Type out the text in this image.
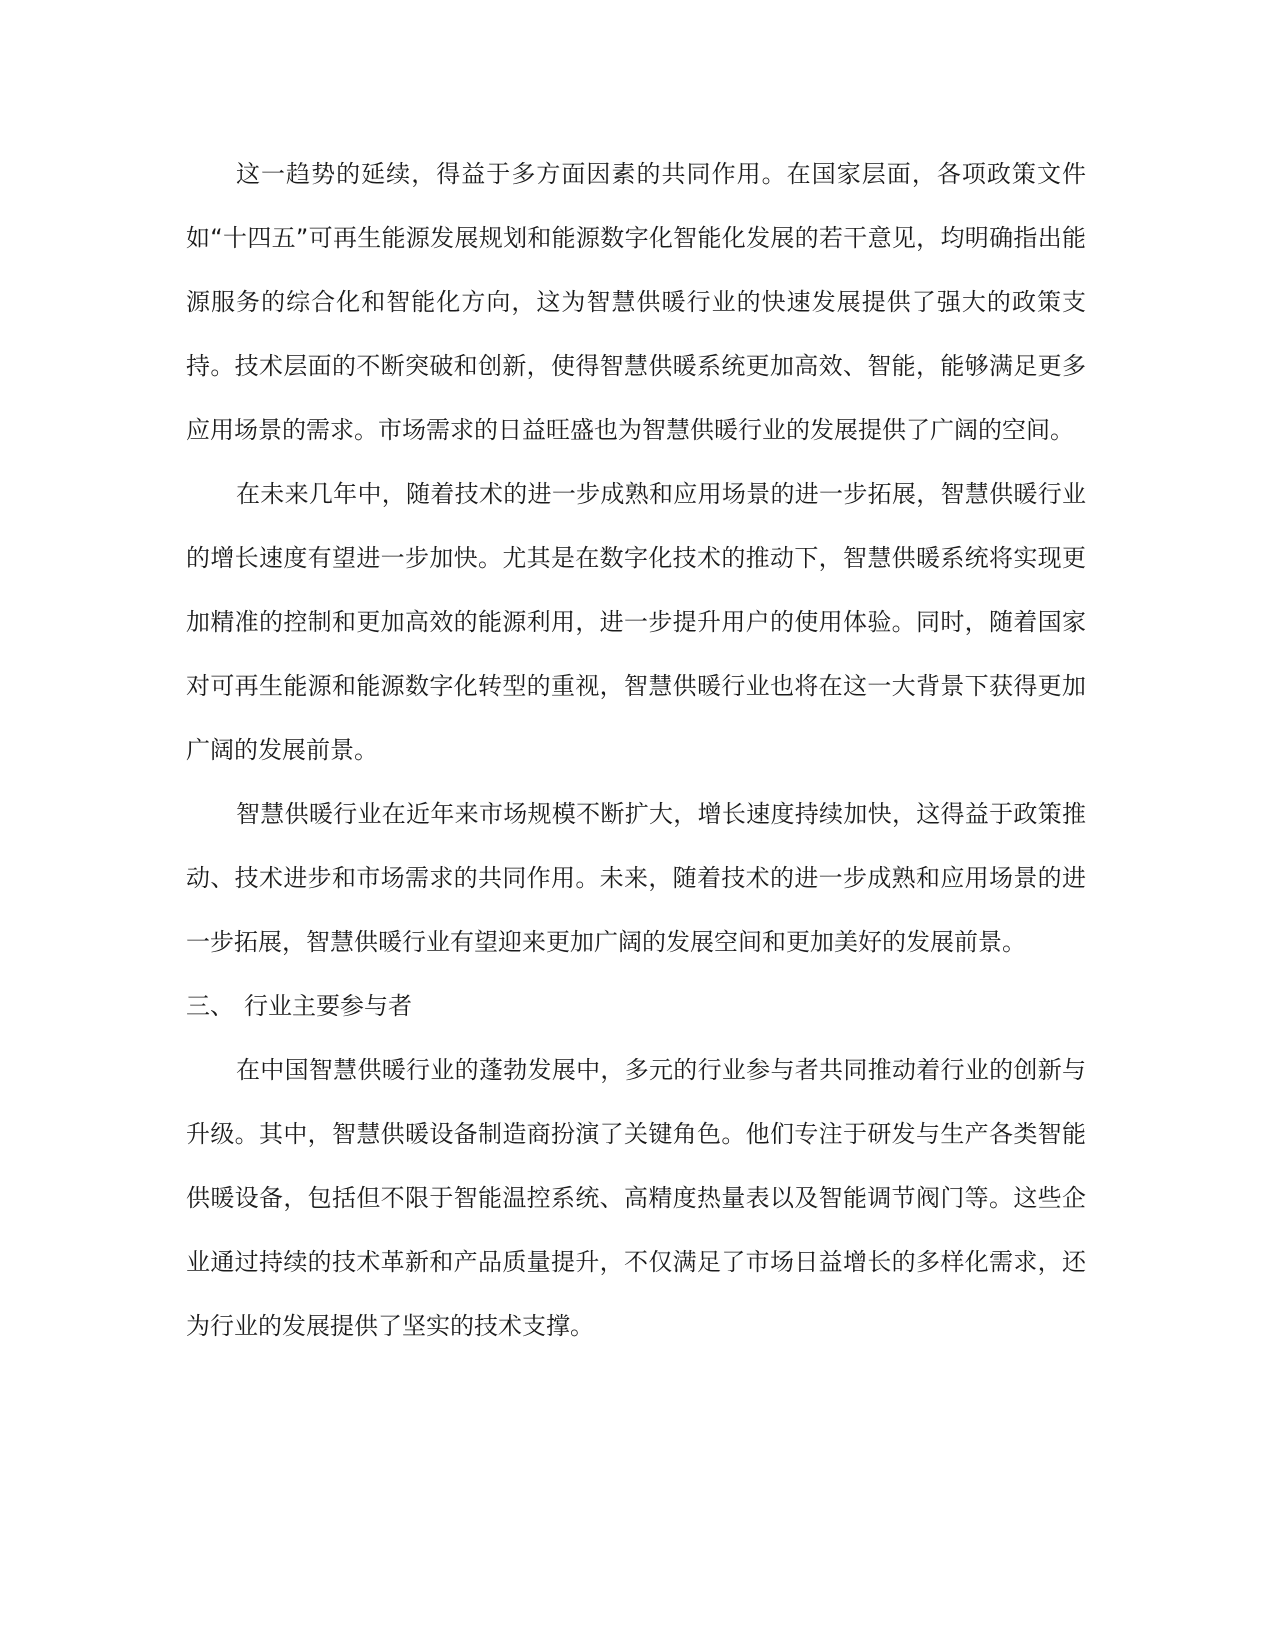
这一趋势的延续，得益于多方面因素的共同作用。在国家层面，各项政策文件如“十四五”可再生能源发展规划和能源数字化智能化发展的若干意见，均明确指出能源服务的综合化和智能化方向，这为智慧供暖行业的快速发展提供了强大的政策支持。技术层面的不断突破和创新，使得智慧供暖系统更加高效、智能，能够满足更多应用场景的需求。市场需求的日益旺盛也为智慧供暖行业的发展提供了广阔的空间。

在未来几年中，随着技术的进一步成熟和应用场景的进一步拓展，智慧供暖行业的增长速度有望进一步加快。尤其是在数字化技术的推动下，智慧供暖系统将实现更加精准的控制和更加高效的能源利用，进一步提升用户的使用体验。同时，随着国家对可再生能源和能源数字化转型的重视，智慧供暖行业也将在这一大背景下获得更加广阔的发展前景。

智慧供暖行业在近年来市场规模不断扩大，增长速度持续加快，这得益于政策推动、技术进步和市场需求的共同作用。未来，随着技术的进一步成熟和应用场景的进一步拓展，智慧供暖行业有望迎来更加广阔的发展空间和更加美好的发展前景。

三、 行业主要参与者

在中国智慧供暖行业的蓬勃发展中，多元的行业参与者共同推动着行业的创新与升级。其中，智慧供暖设备制造商扮演了关键角色。他们专注于研发与生产各类智能供暖设备，包括但不限于智能温控系统、高精度热量表以及智能调节阀门等。这些企业通过持续的技术革新和产品质量提升，不仅满足了市场日益增长的多样化需求，还为行业的发展提供了坚实的技术支撑。
